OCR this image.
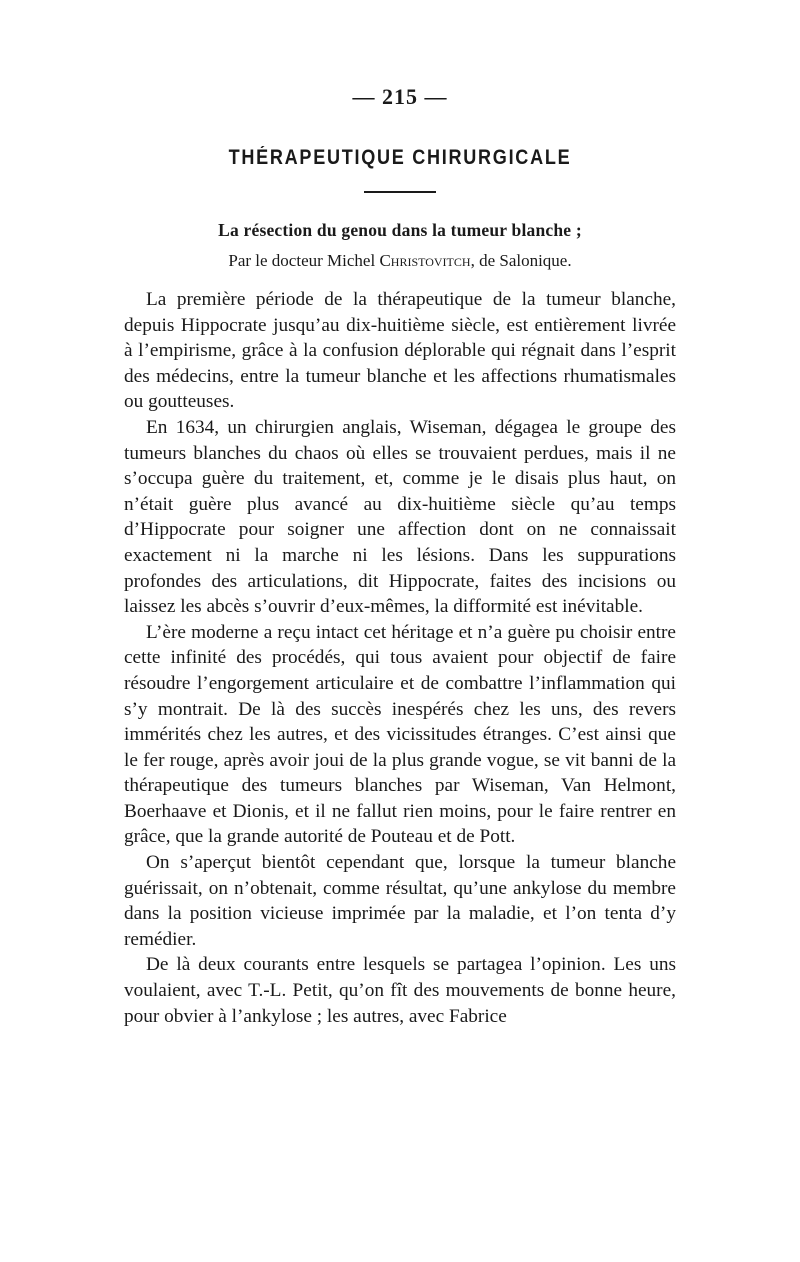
— 215 —
THÉRAPEUTIQUE CHIRURGICALE
La résection du genou dans la tumeur blanche ;
Par le docteur Michel Christovitch, de Salonique.

La première période de la thérapeutique de la tumeur blanche, depuis Hippocrate jusqu’au dix-huitième siècle, est entièrement livrée à l’empirisme, grâce à la confusion déplorable qui régnait dans l’esprit des médecins, entre la tumeur blanche et les affections rhumatismales ou goutteuses.

En 1634, un chirurgien anglais, Wiseman, dégagea le groupe des tumeurs blanches du chaos où elles se trouvaient perdues, mais il ne s’occupa guère du traitement, et, comme je le disais plus haut, on n’était guère plus avancé au dix-huitième siècle qu’au temps d’Hippocrate pour soigner une affection dont on ne connaissait exactement ni la marche ni les lésions. Dans les suppurations profondes des articulations, dit Hippocrate, faites des incisions ou laissez les abcès s’ouvrir d’eux-mêmes, la difformité est inévitable.

L’ère moderne a reçu intact cet héritage et n’a guère pu choisir entre cette infinité des procédés, qui tous avaient pour objectif de faire résoudre l’engorgement articulaire et de combattre l’inflammation qui s’y montrait. De là des succès inespérés chez les uns, des revers immérités chez les autres, et des vicissitudes étranges. C’est ainsi que le fer rouge, après avoir joui de la plus grande vogue, se vit banni de la thérapeutique des tumeurs blanches par Wiseman, Van Helmont, Boerhaave et Dionis, et il ne fallut rien moins, pour le faire rentrer en grâce, que la grande autorité de Pouteau et de Pott.

On s’aperçut bientôt cependant que, lorsque la tumeur blanche guérissait, on n’obtenait, comme résultat, qu’une ankylose du membre dans la position vicieuse imprimée par la maladie, et l’on tenta d’y remédier.

De là deux courants entre lesquels se partagea l’opinion. Les uns voulaient, avec T.-L. Petit, qu’on fît des mouvements de bonne heure, pour obvier à l’ankylose ; les autres, avec Fabrice
